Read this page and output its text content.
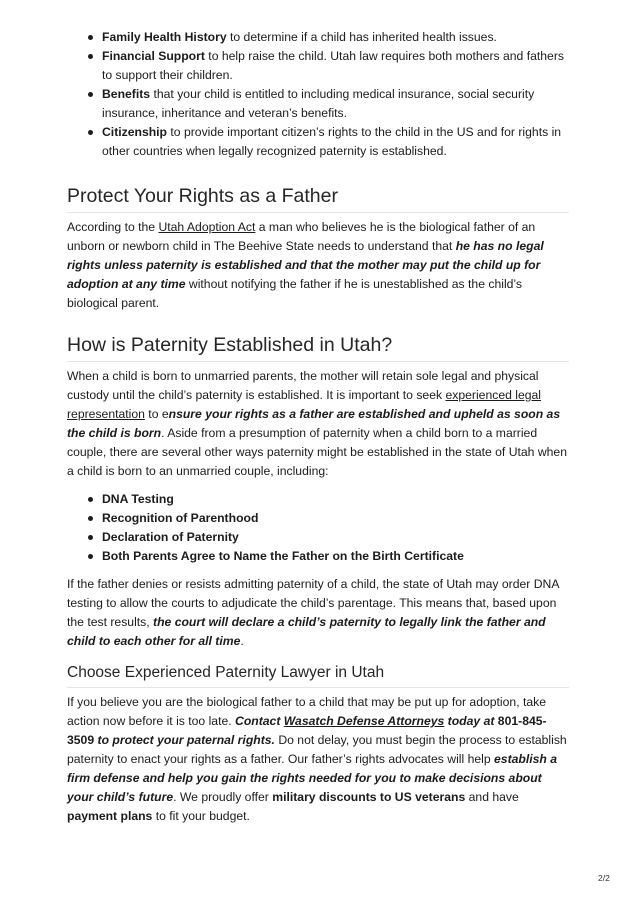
Family Health History to determine if a child has inherited health issues.
Financial Support to help raise the child. Utah law requires both mothers and fathers to support their children.
Benefits that your child is entitled to including medical insurance, social security insurance, inheritance and veteran’s benefits.
Citizenship to provide important citizen’s rights to the child in the US and for rights in other countries when legally recognized paternity is established.
Protect Your Rights as a Father

According to the Utah Adoption Act a man who believes he is the biological father of an unborn or newborn child in The Beehive State needs to understand that he has no legal rights unless paternity is established and that the mother may put the child up for adoption at any time without notifying the father if he is unestablished as the child’s biological parent.

How is Paternity Established in Utah?

When a child is born to unmarried parents, the mother will retain sole legal and physical custody until the child’s paternity is established. It is important to seek experienced legal representation to ensure your rights as a father are established and upheld as soon as the child is born. Aside from a presumption of paternity when a child born to a married couple, there are several other ways paternity might be established in the state of Utah when a child is born to an unmarried couple, including:

DNA Testing
Recognition of Parenthood
Declaration of Paternity
Both Parents Agree to Name the Father on the Birth Certificate

If the father denies or resists admitting paternity of a child, the state of Utah may order DNA testing to allow the courts to adjudicate the child’s parentage. This means that, based upon the test results, the court will declare a child’s paternity to legally link the father and child to each other for all time.

Choose Experienced Paternity Lawyer in Utah

If you believe you are the biological father to a child that may be put up for adoption, take action now before it is too late. Contact Wasatch Defense Attorneys today at 801-845-3509 to protect your paternal rights. Do not delay, you must begin the process to establish paternity to enact your rights as a father. Our father’s rights advocates will help establish a firm defense and help you gain the rights needed for you to make decisions about your child’s future. We proudly offer military discounts to US veterans and have payment plans to fit your budget.

2/2
